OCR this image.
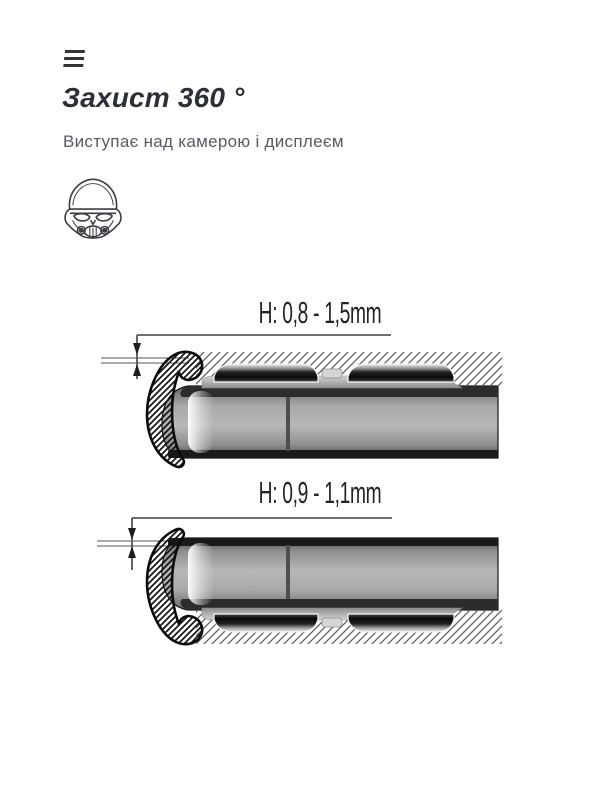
Захист 360 °

Виступає над камерою і дисплеєм

H: 0,8 - 1,5mm
H: 0,9 - 1,1mm
